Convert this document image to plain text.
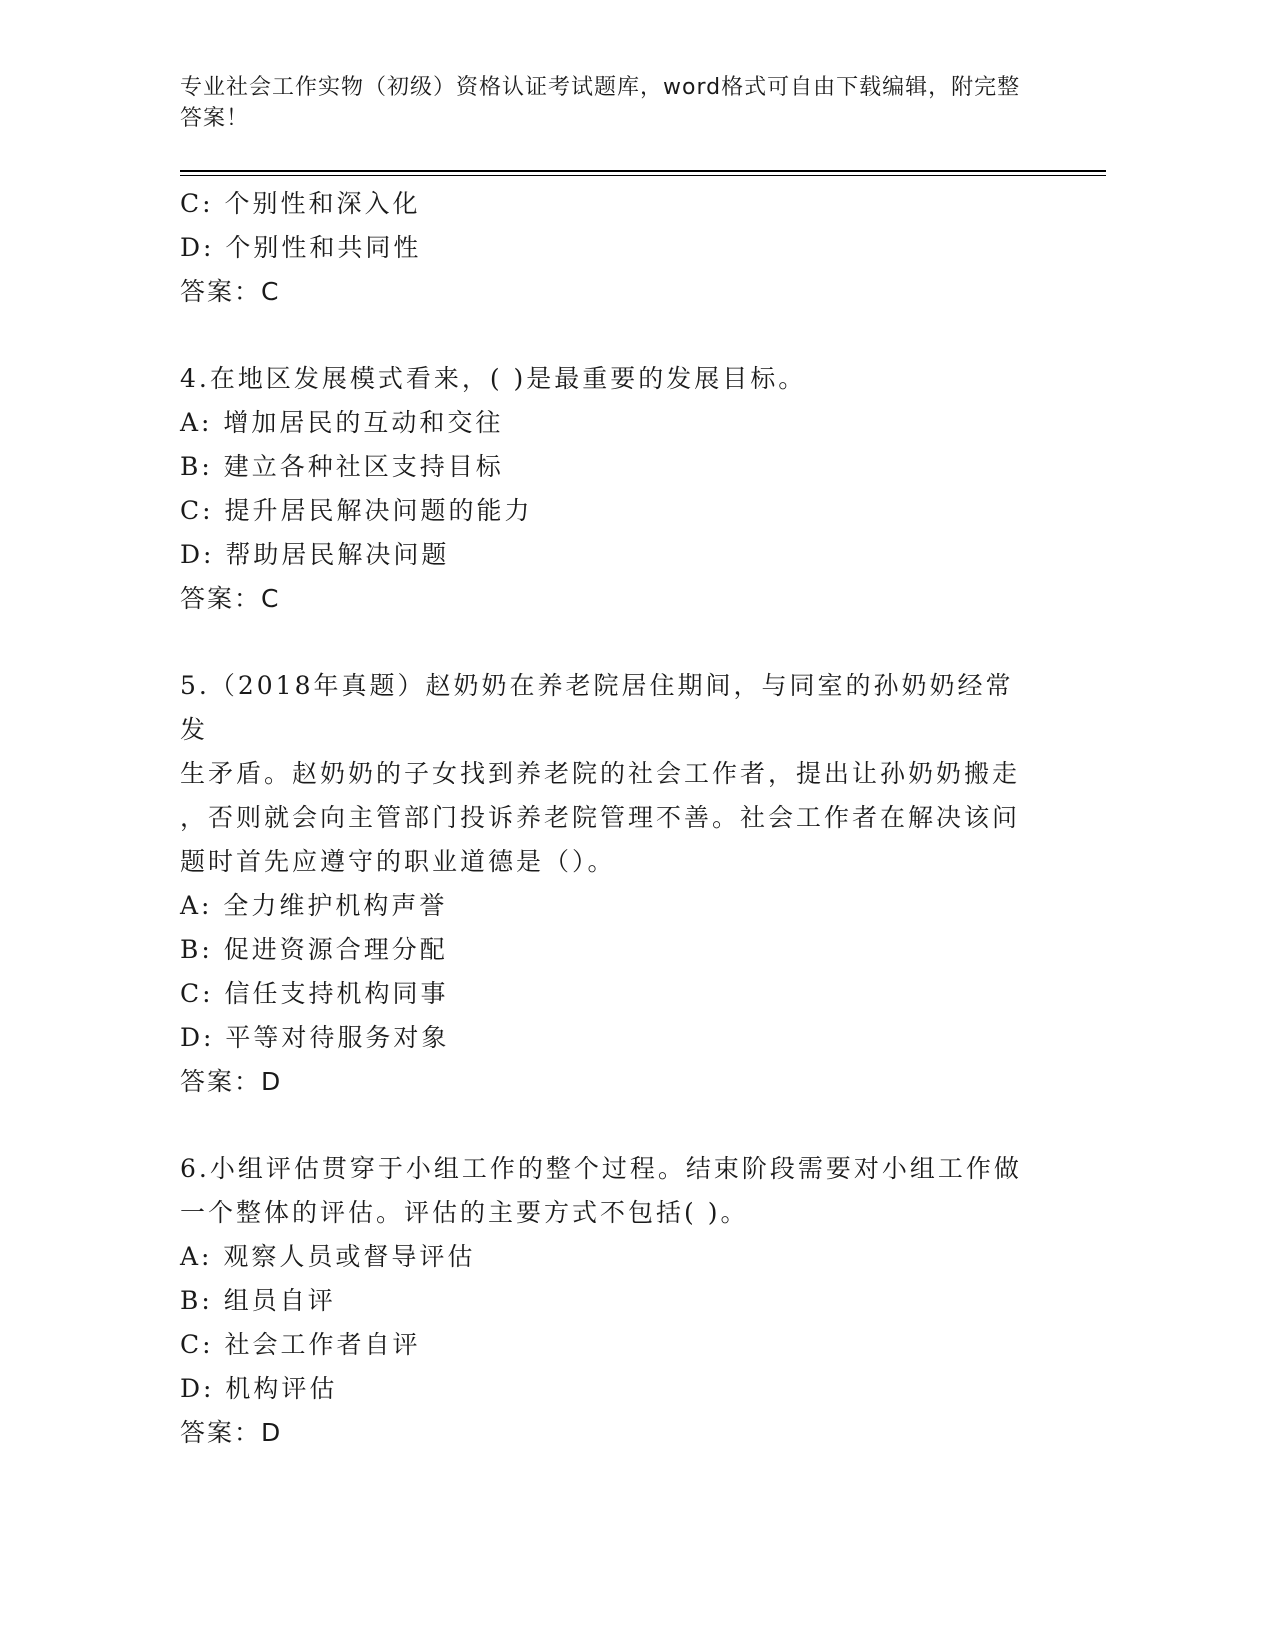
专业社会工作实物（初级）资格认证考试题库，word格式可自由下载编辑，附完整答案！
C: 个别性和深入化
D: 个别性和共同性
答案：C
4.在地区发展模式看来，( )是最重要的发展目标。
A: 增加居民的互动和交往
B: 建立各种社区支持目标
C: 提升居民解决问题的能力
D: 帮助居民解决问题
答案：C
5.（2018年真题）赵奶奶在养老院居住期间，与同室的孙奶奶经常发
生矛盾。赵奶奶的子女找到养老院的社会工作者，提出让孙奶奶搬走
，否则就会向主管部门投诉养老院管理不善。社会工作者在解决该问
题时首先应遵守的职业道德是（）。
A: 全力维护机构声誉
B: 促进资源合理分配
C: 信任支持机构同事
D: 平等对待服务对象
答案：D
6.小组评估贯穿于小组工作的整个过程。结束阶段需要对小组工作做
一个整体的评估。评估的主要方式不包括( )。
A: 观察人员或督导评估
B: 组员自评
C: 社会工作者自评
D: 机构评估
答案：D
